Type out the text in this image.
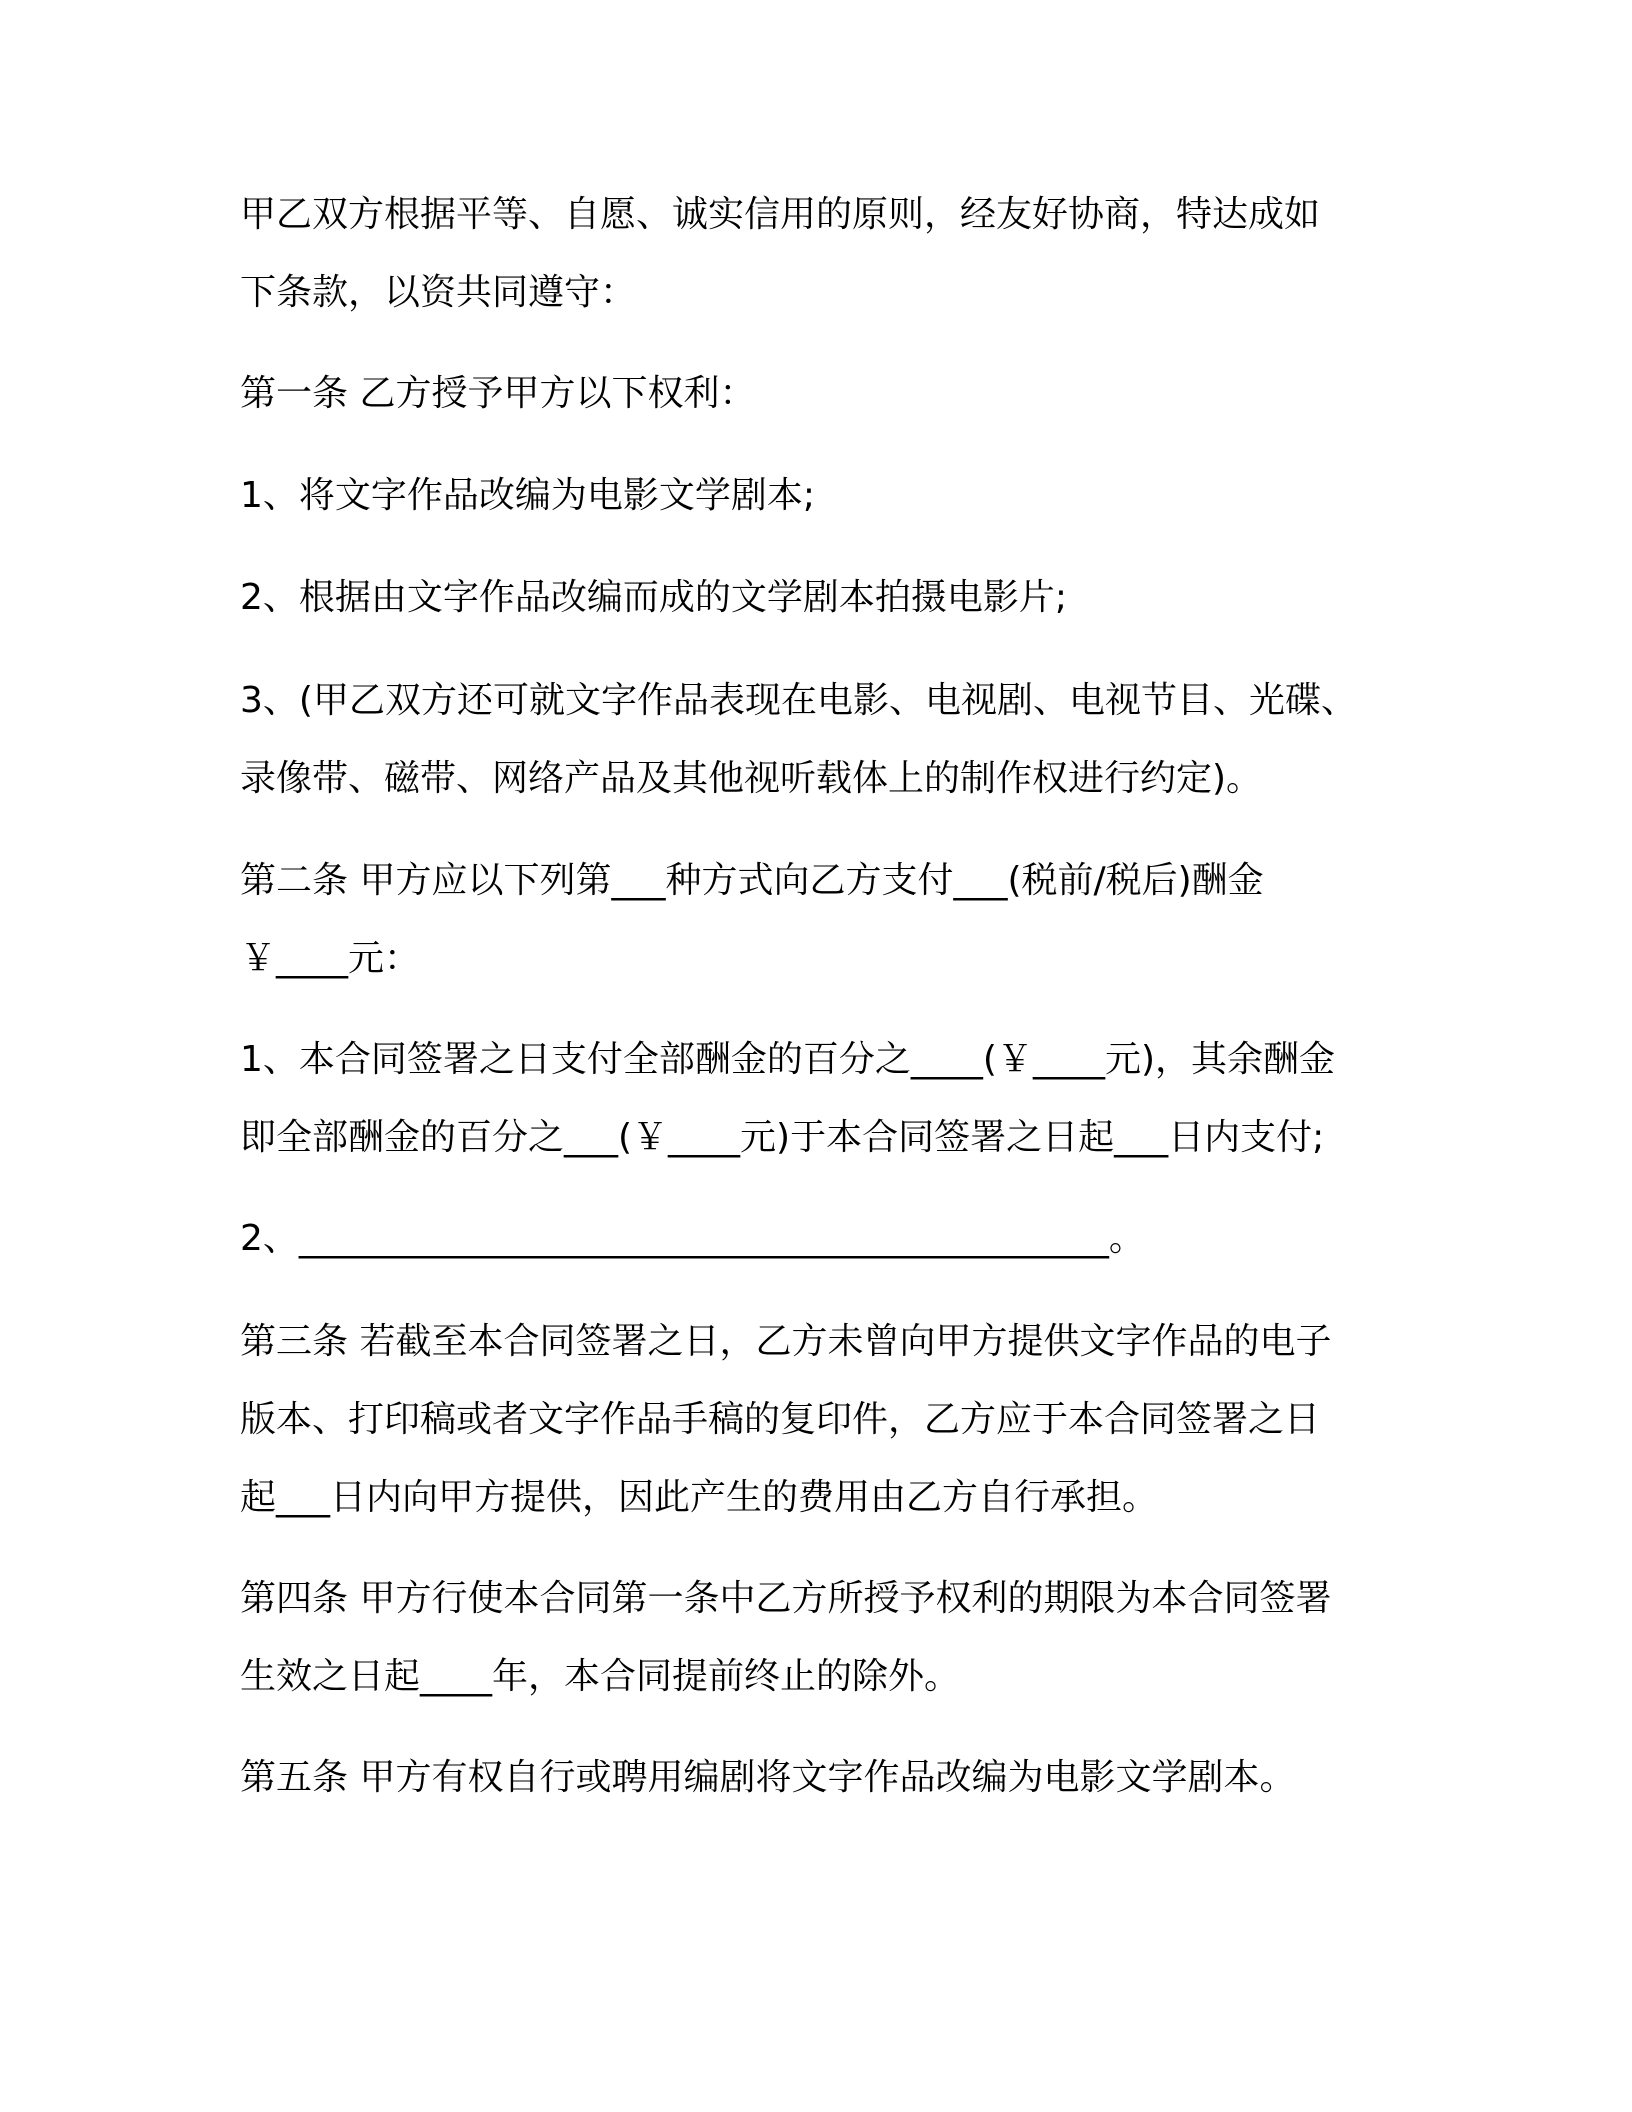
甲乙双方根据平等、自愿、诚实信用的原则，经友好协商，特达成如
下条款，以资共同遵守：
第一条 乙方授予甲方以下权利：
1、将文字作品改编为电影文学剧本;
2、根据由文字作品改编而成的文学剧本拍摄电影片;
3、(甲乙双方还可就文字作品表现在电影、电视剧、电视节目、光碟、
录像带、磁带、网络产品及其他视听载体上的制作权进行约定)。
第二条 甲方应以下列第___种方式向乙方支付___(税前/税后)酬金
￥____元：
1、本合同签署之日支付全部酬金的百分之____(￥____元)，其余酬金
即全部酬金的百分之___(￥____元)于本合同签署之日起___日内支付;
2、_____________________________________________。
第三条 若截至本合同签署之日，乙方未曾向甲方提供文字作品的电子
版本、打印稿或者文字作品手稿的复印件，乙方应于本合同签署之日
起___日内向甲方提供，因此产生的费用由乙方自行承担。
第四条 甲方行使本合同第一条中乙方所授予权利的期限为本合同签署
生效之日起____年，本合同提前终止的除外。
第五条 甲方有权自行或聘用编剧将文字作品改编为电影文学剧本。
